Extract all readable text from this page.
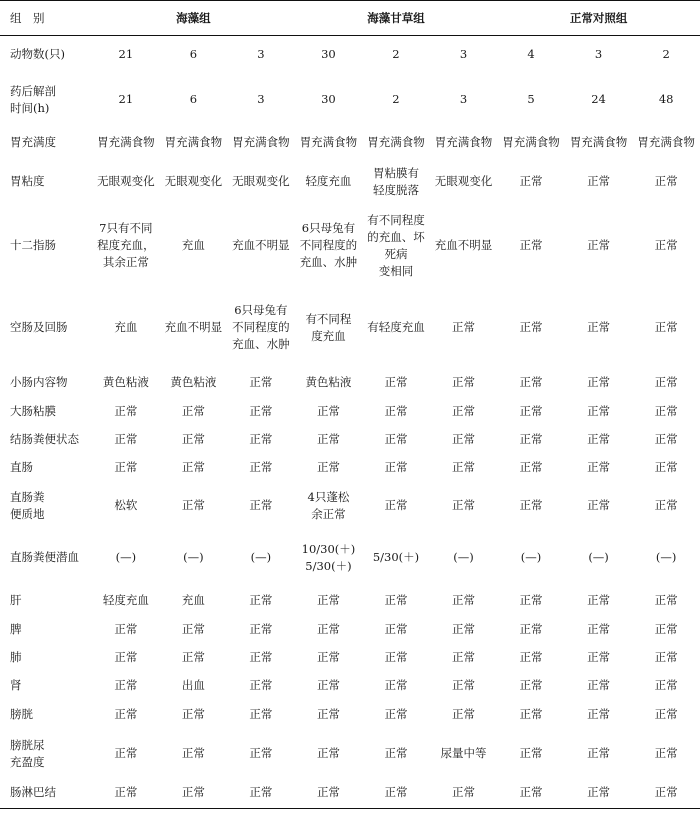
组　别	海藻组			海藻甘草组			正常对照组		
动物数(只)	21	6	3	30	2	3	4	3	2
药后解剖
时间(h)	21	6	3	30	2	3	5	24	48
胃充满度	胃充满食物	胃充满食物	胃充满食物	胃充满食物	胃充满食物	胃充满食物	胃充满食物	胃充满食物	胃充满食物
胃粘度	无眼观变化	无眼观变化	无眼观变化	轻度充血	胃粘膜有
轻度脱落	无眼观变化	正常	正常	正常
十二指肠	7只有不同
程度充血，
其余正常	充血	充血不明显	6只母兔有
不同程度的
充血、水肿	有不同程度
的充血、坏死病
变相同	充血不明显	正常	正常	正常
空肠及回肠	充血	充血不明显	6只母兔有
不同程度的
充血、水肿	有不同程
度充血	有轻度充血	正常	正常	正常	正常
小肠内容物	黄色粘液	黄色粘液	正常	黄色粘液	正常	正常	正常	正常	正常
大肠粘膜	正常	正常	正常	正常	正常	正常	正常	正常	正常
结肠粪便状态	正常	正常	正常	正常	正常	正常	正常	正常	正常
直肠	正常	正常	正常	正常	正常	正常	正常	正常	正常
直肠粪
便质地	松软	正常	正常	4只蓬松
余正常	正常	正常	正常	正常	正常
直肠粪便潜血	(—)	(—)	(—)	10/30(＋)
5/30(＋)	5/30(＋)	(—)	(—)	(—)	(—)
肝	轻度充血	充血	正常	正常	正常	正常	正常	正常	正常
脾	正常	正常	正常	正常	正常	正常	正常	正常	正常
肺	正常	正常	正常	正常	正常	正常	正常	正常	正常
肾	正常	出血	正常	正常	正常	正常	正常	正常	正常
膀胱	正常	正常	正常	正常	正常	正常	正常	正常	正常
膀胱尿
充盈度	正常	正常	正常	正常	正常	尿量中等	正常	正常	正常
肠淋巴结	正常	正常	正常	正常	正常	正常	正常	正常	正常
